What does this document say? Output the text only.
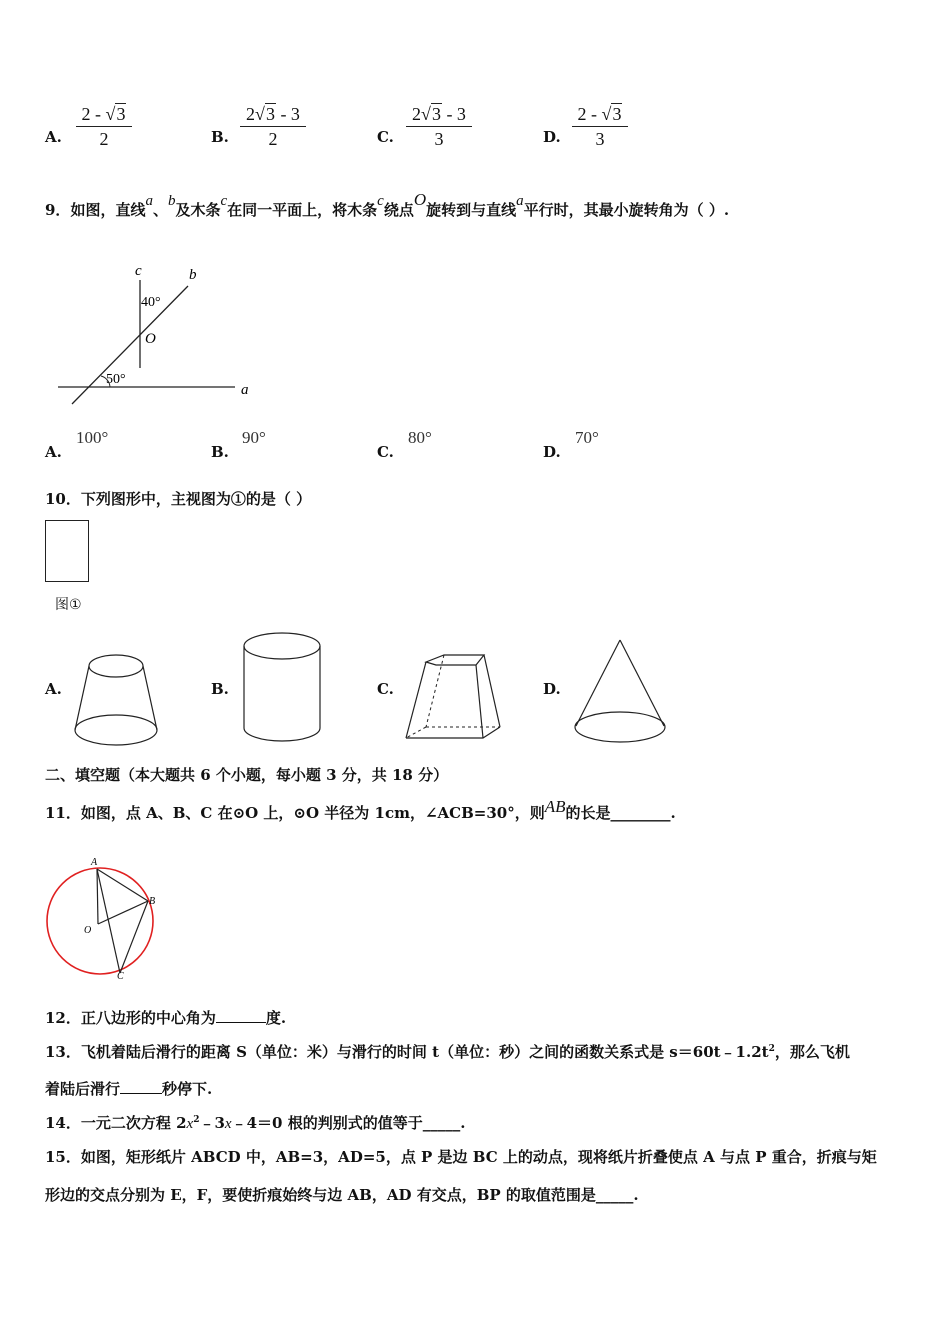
A.
2 - √3
2	B.
2√3 - 3
2	C.
2√3 - 3
3	D.
2 - √3
3
9．如图，直线a、b及木条c在同一平面上，将木条c绕点O旋转到与直线a平行时，其最小旋转角为（ ）.
c	b
O
a
40°
50°
A.
100°
B.
90°
C.
80°
D.
70°
10．下列图形中，主视图为①的是（ ）
图①
A.	B.	C.	D.
二、填空题（本大题共 6 个小题，每小题 3 分，共 18 分）
11．如图，点 A、B、C 在⊙O 上，⊙O 半径为 1cm，∠ACB=30°，则AB的长是________.
A
B
C
O
12．正八边形的中心角为	度.
13．飞机着陆后滑行的距离 S（单位：米）与滑行的时间 t（单位：秒）之间的函数关系式是 $s=60t﹣1.2t^2$，那么飞机
着陆后滑行	秒停下.
14．一元二次方程 $2x^2﹣3x﹣4=0$ 根的判别式的值等于_____.
15．如图，矩形纸片 ABCD 中，AB=3，AD=5，点 P 是边 BC 上的动点，现将纸片折叠使点 A 与点 P 重合，折痕与矩
形边的交点分别为 E，F，要使折痕始终与边 AB，AD 有交点，BP 的取值范围是_____.
